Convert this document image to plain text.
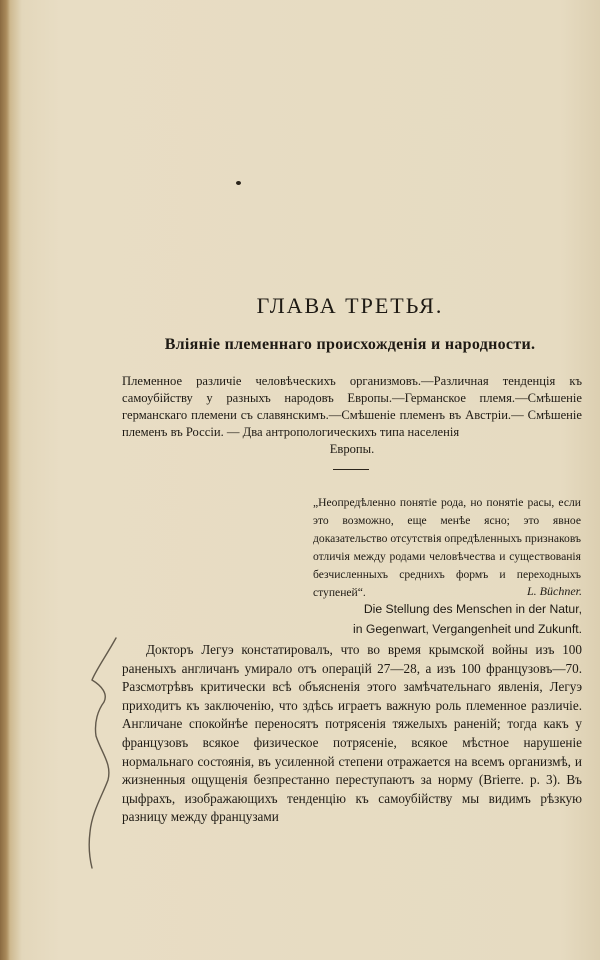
ГЛАВА ТРЕТЬЯ.
Вліяніе племеннаго происхожденія и народности.
Племенное различіе человѣческихъ организмовъ.—Различная тенденція къ самоубійству у разныхъ народовъ Европы.—Германское племя.—Смѣшеніе германскаго племени съ славянскимъ.—Смѣшеніе племенъ въ Австріи.— Смѣшеніе племенъ въ Россіи. — Два антропологическихъ типа населенія
Европы.
„Неопредѣленно понятіе рода, но понятіе расы, если это возможно, еще менѣе ясно; это явное доказательство отсутствія опредѣленныхъ признаковъ отличія между родами человѣчества и существованія безчисленныхъ среднихъ формъ и переходныхъ ступеней“.	L. Büchner.
Die Stellung des Menschen in der Natur,
in Gegenwart, Vergangenheit und Zukunft.
Докторъ Легуэ констатировалъ, что во время крымской войны изъ 100 раненыхъ англичанъ умирало отъ операцій 27—28, а изъ 100 французовъ—70. Разсмотрѣвъ критически всѣ объясненія этого замѣчательнаго явленія, Легуэ приходитъ къ заключенію, что здѣсь играетъ важную роль племенное различіе. Англичане спокойнѣе переносятъ потрясенія тяжелыхъ раненій; тогда какъ у французовъ всякое физическое потрясеніе, всякое мѣстное нарушеніе нормальнаго состоянія, въ усиленной степени отражается на всемъ организмѣ, и жизненныя ощущенія безпрестанно переступаютъ за норму (Brierre. p. 3). Въ цыфрахъ, изображающихъ тенденцію къ самоубійству мы видимъ рѣзкую разницу между французами
